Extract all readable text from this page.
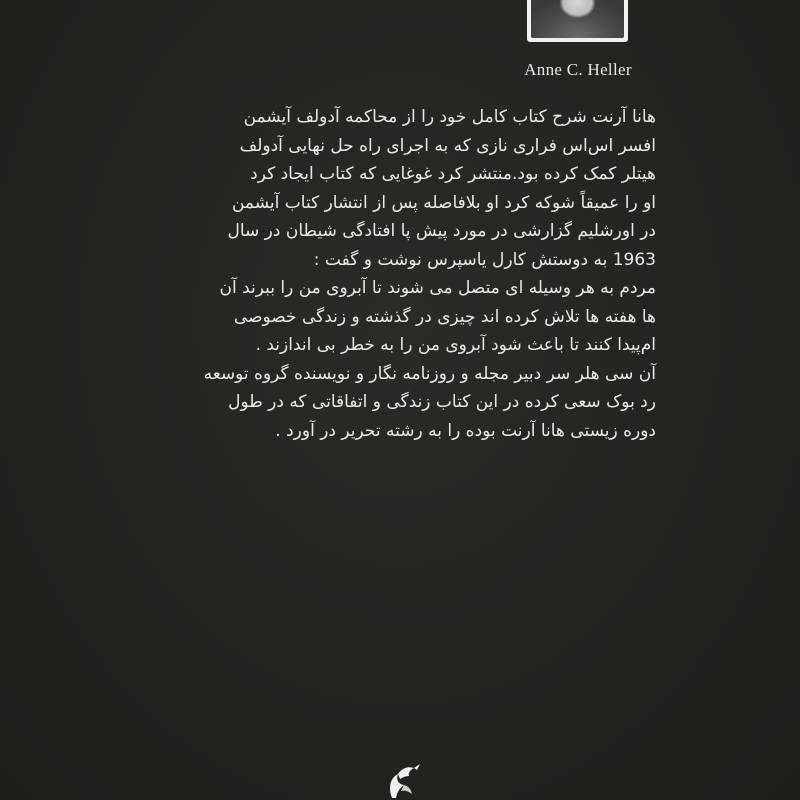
Anne C. Heller
هانا آرنت شرح کتاب کامل خود را از محاکمه آدولف آیشمن
افسر اس‌اس فراری نازی که به اجرای راه حل نهایی آدولف
هیتلر کمک کرده بود.منتشر کرد غوغایی که کتاب ایجاد کرد
او را عمیقاً شوکه کرد او بلافاصله پس از انتشار کتاب آیشمن
در اورشلیم گزارشی در مورد پیش پا افتادگی شیطان در سال
1963 به دوستش کارل یاسپرس نوشت و گفت :
مردم به هر وسیله ای متصل می شوند تا آبروی من را ببرند آن
ها هفته ها تلاش کرده اند چیزی در گذشته و زندگی خصوصی
ام‌پیدا کنند تا باعث شود آبروی من را به خطر بی اندازند .
آن سی هلر سر دبیر مجله و روزنامه نگار و نویسنده گروه توسعه
رد بوک سعی کرده در این کتاب زندگی و اتفاقاتی که در طول
دوره زیستی هانا آرنت بوده را به رشته تحریر در آورد .
